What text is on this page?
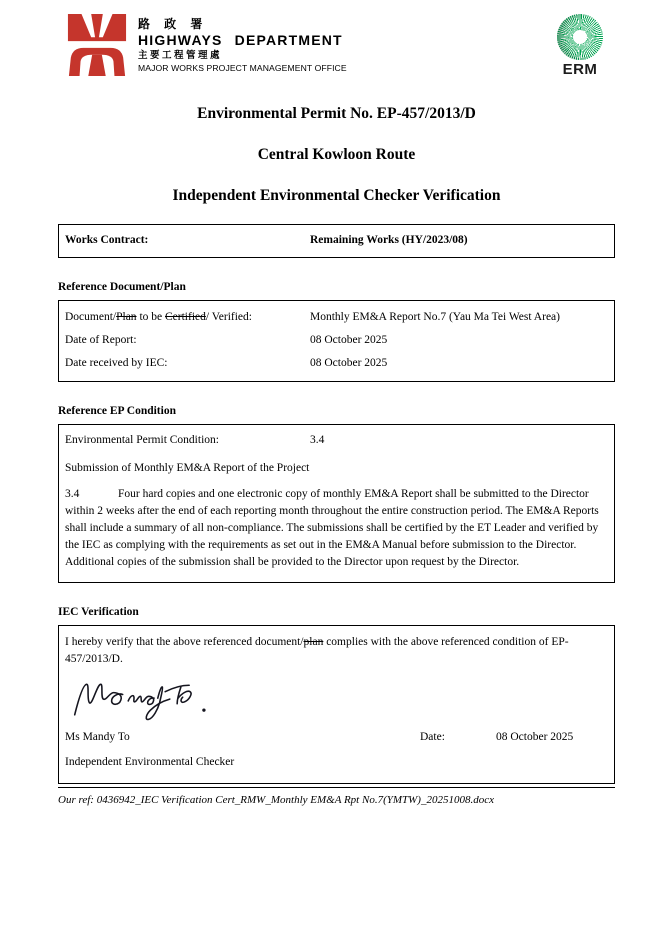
路 政 署
HIGHWAYS DEPARTMENT
主要工程管理處
MAJOR WORKS PROJECT MANAGEMENT OFFICE	ERM
Environmental Permit No. EP-457/2013/D
Central Kowloon Route
Independent Environmental Checker Verification
Works Contract:	Remaining Works (HY/2023/08)
Reference Document/Plan
Document/Plan to be Certified/ Verified:	Monthly EM&A Report No.7 (Yau Ma Tei West Area)
Date of Report:	08 October 2025
Date received by IEC:	08 October 2025
Reference EP Condition
Environmental Permit Condition:	3.4
Submission of Monthly EM&A Report of the Project

3.4	Four hard copies and one electronic copy of monthly EM&A Report shall be submitted to the Director within 2 weeks after the end of each reporting month throughout the entire construction period. The EM&A Reports shall include a summary of all non-compliance. The submissions shall be certified by the ET Leader and verified by the IEC as complying with the requirements as set out in the EM&A Manual before submission to the Director. Additional copies of the submission shall be provided to the Director upon request by the Director.

IEC Verification
I hereby verify that the above referenced document/plan complies with the above referenced condition of EP-457/2013/D.
Ms Mandy To	Date:	08 October 2025
Independent Environmental Checker
Our ref: 0436942_IEC Verification Cert_RMW_Monthly EM&A Rpt No.7(YMTW)_20251008.docx
